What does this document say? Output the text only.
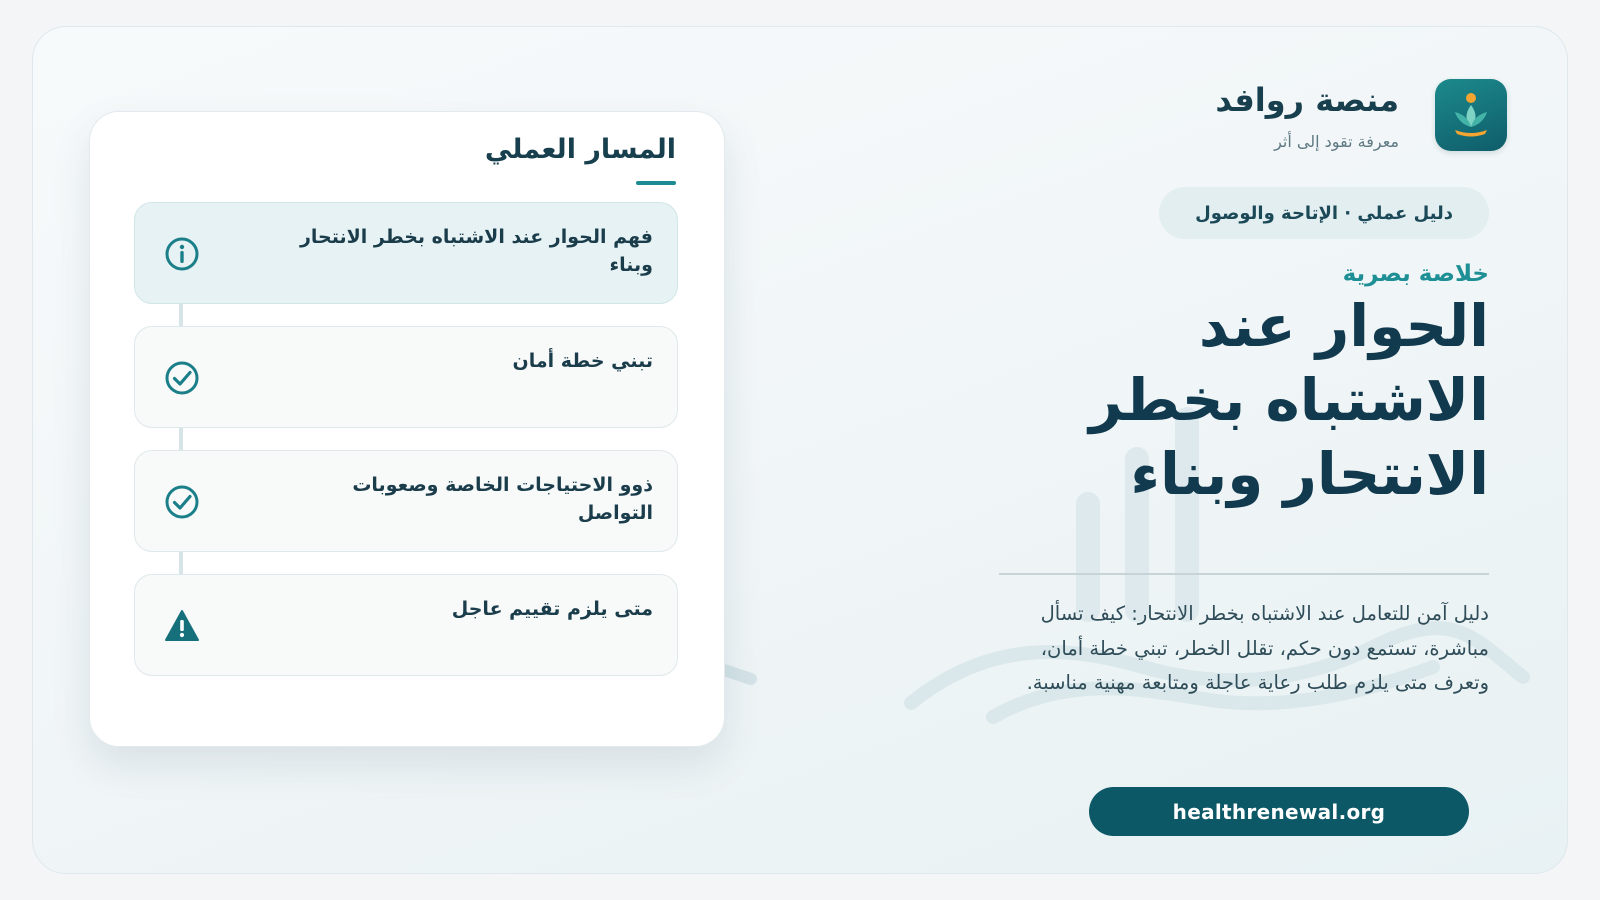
منصة روافد
معرفة تقود إلى أثر
دليل عملي · الإتاحة والوصول
خلاصة بصرية
الحوار عند الاشتباه بخطر الانتحار وبناء
دليل آمن للتعامل عند الاشتباه بخطر الانتحار: كيف تسأل مباشرة، تستمع دون حكم، تقلل الخطر، تبني خطة أمان، وتعرف متى يلزم طلب رعاية عاجلة ومتابعة مهنية مناسبة.
healthrenewal.org
المسار العملي
فهم الحوار عند الاشتباه بخطر الانتحار وبناء
تبني خطة أمان
ذوو الاحتياجات الخاصة وصعوبات التواصل
متى يلزم تقييم عاجل
